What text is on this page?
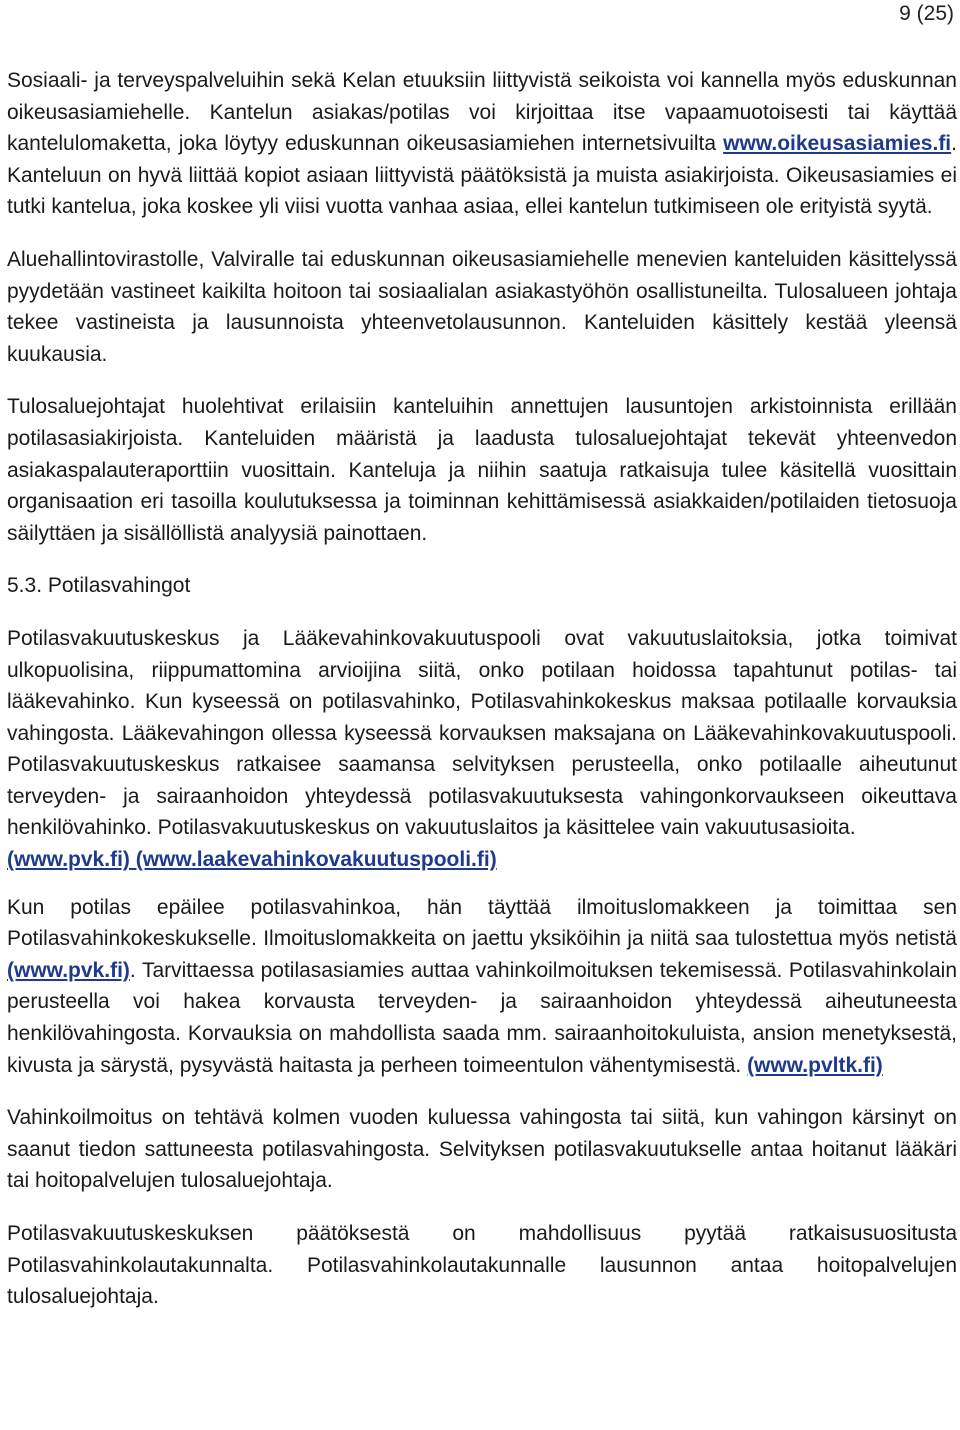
9 (25)

Sosiaali- ja terveyspalveluihin sekä Kelan etuuksiin liittyvistä seikoista voi kannella myös eduskunnan oikeusasiamiehelle. Kantelun asiakas/potilas voi kirjoittaa itse vapaamuotoisesti tai käyttää kantelulomaketta, joka löytyy eduskunnan oikeusasiamiehen internetsivuilta www.oikeusasiamies.fi. Kanteluun on hyvä liittää kopiot asiaan liittyvistä päätöksistä ja muista asiakirjoista. Oikeusasiamies ei tutki kantelua, joka koskee yli viisi vuotta vanhaa asiaa, ellei kantelun tutkimiseen ole erityistä syytä.

Aluehallintovirastolle, Valviralle tai eduskunnan oikeusasiamiehelle menevien kanteluiden käsittelyssä pyydetään vastineet kaikilta hoitoon tai sosiaalialan asiakastyöhön osallistuneilta. Tulosalueen johtaja tekee vastineista ja lausunnoista yhteenvetolausunnon. Kanteluiden käsittely kestää yleensä kuukausia.

Tulosaluejohtajat huolehtivat erilaisiin kanteluihin annettujen lausuntojen arkistoinnista erillään potilasasiakirjoista. Kanteluiden määristä ja laadusta tulosaluejohtajat tekevät yhteenvedon asiakaspalauteraporttiin vuosittain. Kanteluja ja niihin saatuja ratkaisuja tulee käsitellä vuosittain organisaation eri tasoilla koulutuksessa ja toiminnan kehittämisessä asiakkaiden/potilaiden tietosuoja säilyttäen ja sisällöllistä analyysiä painottaen.

5.3. Potilasvahingot

Potilasvakuutuskeskus ja Lääkevahinkovakuutuspooli ovat vakuutuslaitoksia, jotka toimivat ulkopuolisina, riippumattomina arvioijina siitä, onko potilaan hoidossa tapahtunut potilas- tai lääkevahinko. Kun kyseessä on potilasvahinko, Potilasvahinkokeskus maksaa potilaalle korvauksia vahingosta. Lääkevahingon ollessa kyseessä korvauksen maksajana on Lääkevahinkovakuutuspooli. Potilasvakuutuskeskus ratkaisee saamansa selvityksen perusteella, onko potilaalle aiheutunut terveyden- ja sairaanhoidon yhteydessä potilasvakuutuksesta vahingonkorvaukseen oikeuttava henkilövahinko. Potilasvakuutuskeskus on vakuutuslaitos ja käsittelee vain vakuutusasioita.
(www.pvk.fi) (www.laakevahinkovakuutuspooli.fi)

Kun potilas epäilee potilasvahinkoa, hän täyttää ilmoituslomakkeen ja toimittaa sen Potilasvahinkokeskukselle. Ilmoituslomakkeita on jaettu yksiköihin ja niitä saa tulostettua myös netistä (www.pvk.fi). Tarvittaessa potilasasiamies auttaa vahinkoilmoituksen tekemisessä. Potilasvahinkolain perusteella voi hakea korvausta terveyden- ja sairaanhoidon yhteydessä aiheutuneesta henkilövahingosta. Korvauksia on mahdollista saada mm. sairaanhoitokuluista, ansion menetyksestä, kivusta ja särystä, pysyvästä haitasta ja perheen toimeentulon vähentymisestä. (www.pvltk.fi)

Vahinkoilmoitus on tehtävä kolmen vuoden kuluessa vahingosta tai siitä, kun vahingon kärsinyt on saanut tiedon sattuneesta potilasvahingosta. Selvityksen potilasvakuutukselle antaa hoitanut lääkäri tai hoitopalvelujen tulosaluejohtaja.

Potilasvakuutuskeskuksen päätöksestä on mahdollisuus pyytää ratkaisusuositusta Potilasvahinkolautakunnalta. Potilasvahinkolautakunnalle lausunnon antaa hoitopalvelujen tulosaluejohtaja.
